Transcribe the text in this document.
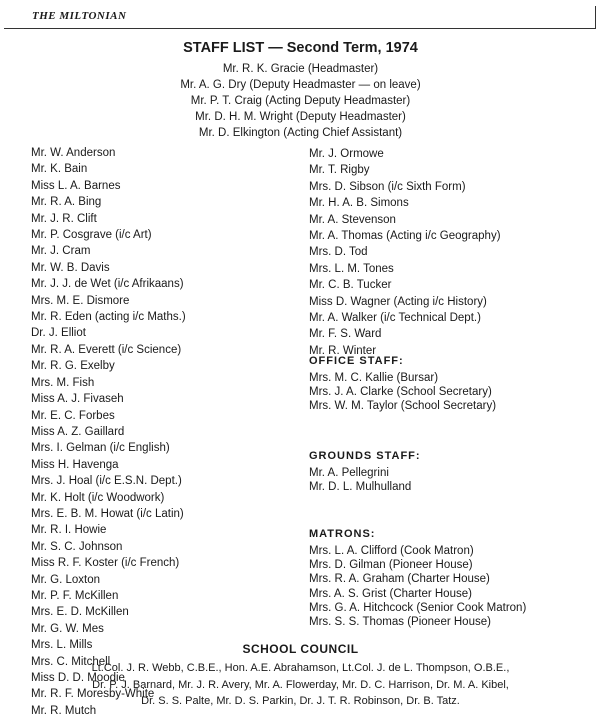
THE MILTONIAN
STAFF LIST — Second Term, 1974
Mr. R. K. Gracie (Headmaster)
Mr. A. G. Dry (Deputy Headmaster — on leave)
Mr. P. T. Craig (Acting Deputy Headmaster)
Mr. D. H. M. Wright (Deputy Headmaster)
Mr. D. Elkington (Acting Chief Assistant)
Mr. W. Anderson
Mr. K. Bain
Miss L. A. Barnes
Mr. R. A. Bing
Mr. J. R. Clift
Mr. P. Cosgrave (i/c Art)
Mr. J. Cram
Mr. W. B. Davis
Mr. J. J. de Wet (i/c Afrikaans)
Mrs. M. E. Dismore
Mr. R. Eden (acting i/c Maths.)
Dr. J. Elliot
Mr. R. A. Everett (i/c Science)
Mr. R. G. Exelby
Mrs. M. Fish
Miss A. J. Fivaseh
Mr. E. C. Forbes
Miss A. Z. Gaillard
Mrs. I. Gelman (i/c English)
Miss H. Havenga
Mrs. J. Hoal (i/c E.S.N. Dept.)
Mr. K. Holt (i/c Woodwork)
Mrs. E. B. M. Howat (i/c Latin)
Mr. R. I. Howie
Mr. S. C. Johnson
Miss R. F. Koster (i/c French)
Mr. G. Loxton
Mr. P. F. McKillen
Mrs. E. D. McKillen
Mr. G. W. Mes
Mrs. L. Mills
Mrs. C. Mitchell
Miss D. D. Moodie
Mr. R. F. Moresby-White
Mr. R. Mutch
Mr. J. Ormowe
Mr. T. Rigby
Mrs. D. Sibson (i/c Sixth Form)
Mr. H. A. B. Simons
Mr. A. Stevenson
Mr. A. Thomas (Acting i/c Geography)
Mrs. D. Tod
Mrs. L. M. Tones
Mr. C. B. Tucker
Miss D. Wagner (Acting i/c History)
Mr. A. Walker (i/c Technical Dept.)
Mr. F. S. Ward
Mr. R. Winter
OFFICE STAFF:
Mrs. M. C. Kallie (Bursar)
Mrs. J. A. Clarke (School Secretary)
Mrs. W. M. Taylor (School Secretary)
GROUNDS STAFF:
Mr. A. Pellegrini
Mr. D. L. Mulhulland
MATRONS:
Mrs. L. A. Clifford (Cook Matron)
Mrs. D. Gilman (Pioneer House)
Mrs. R. A. Graham (Charter House)
Mrs. A. S. Grist (Charter House)
Mrs. G. A. Hitchcock (Senior Cook Matron)
Mrs. S. S. Thomas (Pioneer House)
SCHOOL COUNCIL
Lt.Col. J. R. Webb, C.B.E., Hon. A.E. Abrahamson, Lt.Col. J. de L. Thompson, O.B.E.,
Dr. P. J. Barnard, Mr. J. R. Avery, Mr. A. Flowerday, Mr. D. C. Harrison, Dr. M. A. Kibel,
Dr. S. S. Palte, Mr. D. S. Parkin, Dr. J. T. R. Robinson, Dr. B. Tatz.
